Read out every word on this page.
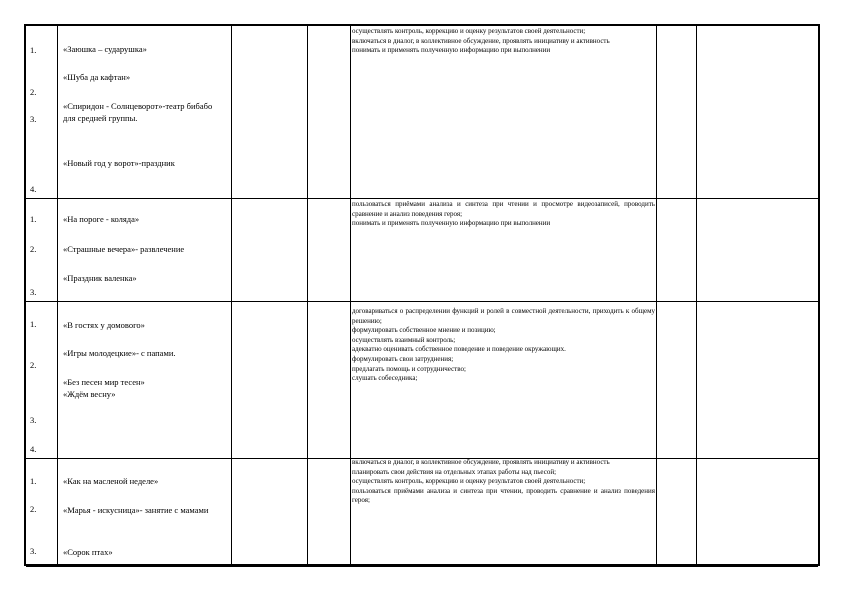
1.
2.
3.
4.
«Заюшка – сударушка»
«Шуба да кафтан»
«Спиридон - Солнцеворот»-театр бибабо для средней группы.
«Новый год у ворот»-праздник
осуществлять контроль, коррекцию и оценку результатов своей деятельности;
включаться в диалог, в коллективное обсуждение, проявлять инициативу и активность
понимать и применять полученную информацию при выполнении
1.
2.
3.
«На пороге - коляда»
«Страшные вечера»- развлечение
«Праздник валенка»
пользоваться приёмами анализа и синтеза при чтении и просмотре видеозаписей, проводить сравнение и анализ поведения героя;
понимать и применять полученную информацию при выполнении
1.
2.
3.
4.
«В гостях у домового»
«Игры молодецкие»- с папами.
«Без песен мир тесен»
«Ждём весну»
договариваться о распределении функций и ролей в совместной деятельности, приходить к общему решению;
формулировать собственное мнение и позицию;
осуществлять взаимный контроль;
адекватно оценивать собственное поведение и поведение окружающих.
формулировать свои затруднения;
предлагать помощь и сотрудничество;
слушать собеседника;
1.
2.
3.
«Как на масленой неделе»
«Марья - искусница»- занятие с мамами
«Сорок птах»
включаться в диалог, в коллективное обсуждение, проявлять инициативу и активность
планировать свои действия на отдельных этапах работы над пьесой;
осуществлять контроль, коррекцию и оценку результатов своей деятельности;
пользоваться приёмами анализа и синтеза при чтении, проводить сравнение и анализ поведения героя;
